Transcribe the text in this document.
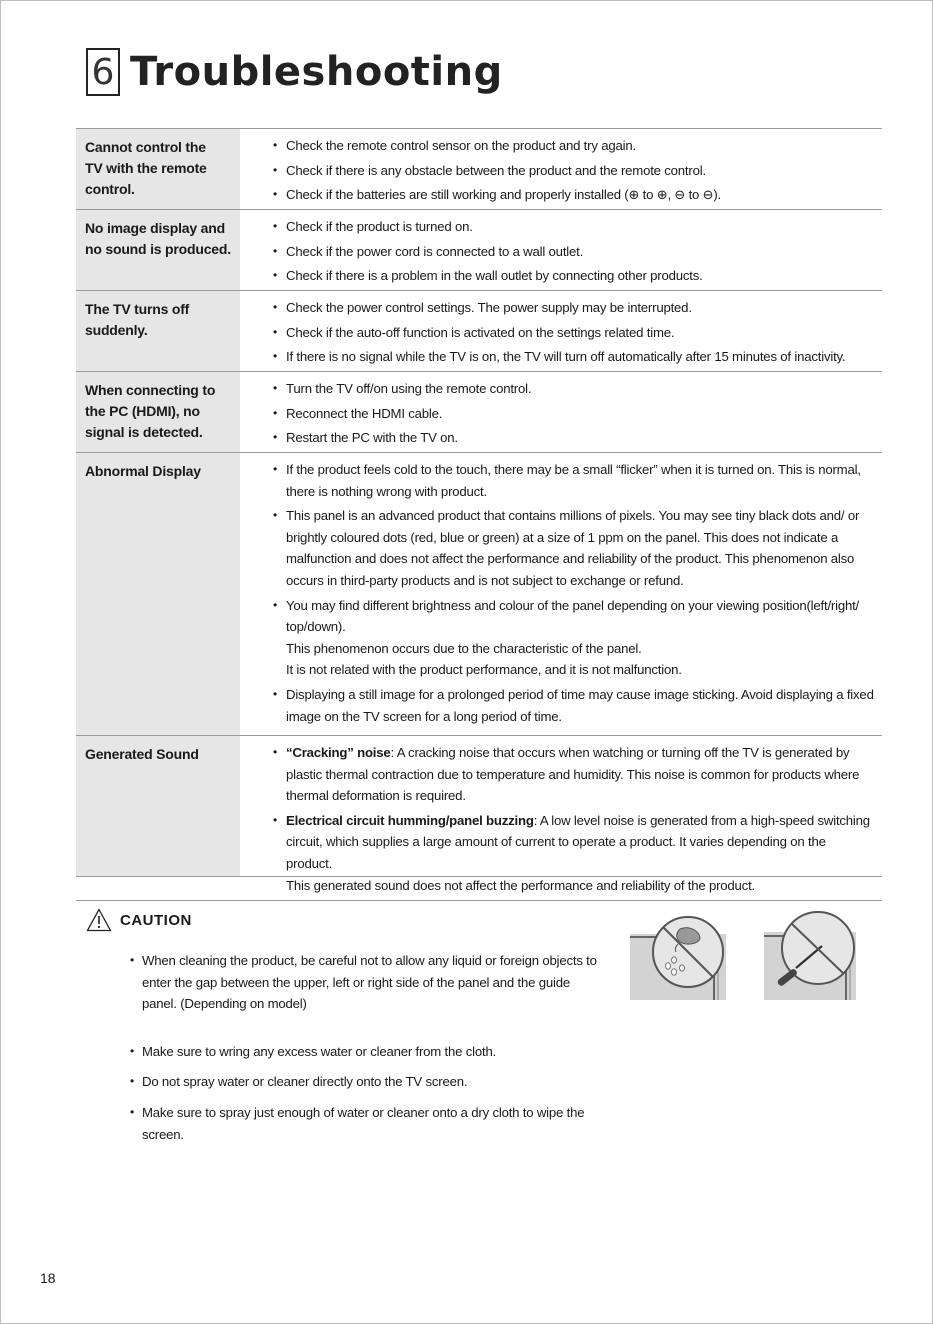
6 Troubleshooting
Cannot control the
TV with the remote
control.
• Check the remote control sensor on the product and try again.
• Check if there is any obstacle between the product and the remote control.
• Check if the batteries are still working and properly installed (⊕ to ⊕, ⊖ to ⊖).
No image display and
no sound is produced.
• Check if the product is turned on.
• Check if the power cord is connected to a wall outlet.
• Check if there is a problem in the wall outlet by connecting other products.
The TV turns off
suddenly.
• Check the power control settings. The power supply may be interrupted.
• Check if the auto-off function is activated on the settings related time.
• If there is no signal while the TV is on, the TV will turn off automatically after 15 minutes of inactivity.
When connecting to
the PC (HDMI), no
signal is detected.
• Turn the TV off/on using the remote control.
• Reconnect the HDMI cable.
• Restart the PC with the TV on.
Abnormal Display	• If the product feels cold to the touch, there may be a small “flicker” when it is turned on. This is normal, there is nothing wrong with product.
• This panel is an advanced product that contains millions of pixels. You may see tiny black dots and/ or brightly coloured dots (red, blue or green) at a size of 1 ppm on the panel. This does not indicate a malfunction and does not affect the performance and reliability of the product. This phenomenon also occurs in third-party products and is not subject to exchange or refund.
• You may find different brightness and colour of the panel depending on your viewing position(left/right/ top/down).
This phenomenon occurs due to the characteristic of the panel.
It is not related with the product performance, and it is not malfunction.
• Displaying a still image for a prolonged period of time may cause image sticking. Avoid displaying a fixed image on the TV screen for a long period of time.
Generated Sound	• “Cracking” noise: A cracking noise that occurs when watching or turning off the TV is generated by plastic thermal contraction due to temperature and humidity. This noise is common for products where thermal deformation is required.
• Electrical circuit humming/panel buzzing: A low level noise is generated from a high-speed switching circuit, which supplies a large amount of current to operate a product. It varies depending on the product.
This generated sound does not affect the performance and reliability of the product.
CAUTION
• When cleaning the product, be careful not to allow any liquid or foreign objects to enter the gap between the upper, left or right side of the panel and the guide panel. (Depending on model)
• Make sure to wring any excess water or cleaner from the cloth.
• Do not spray water or cleaner directly onto the TV screen.
• Make sure to spray just enough of water or cleaner onto a dry cloth to wipe the screen.
18
